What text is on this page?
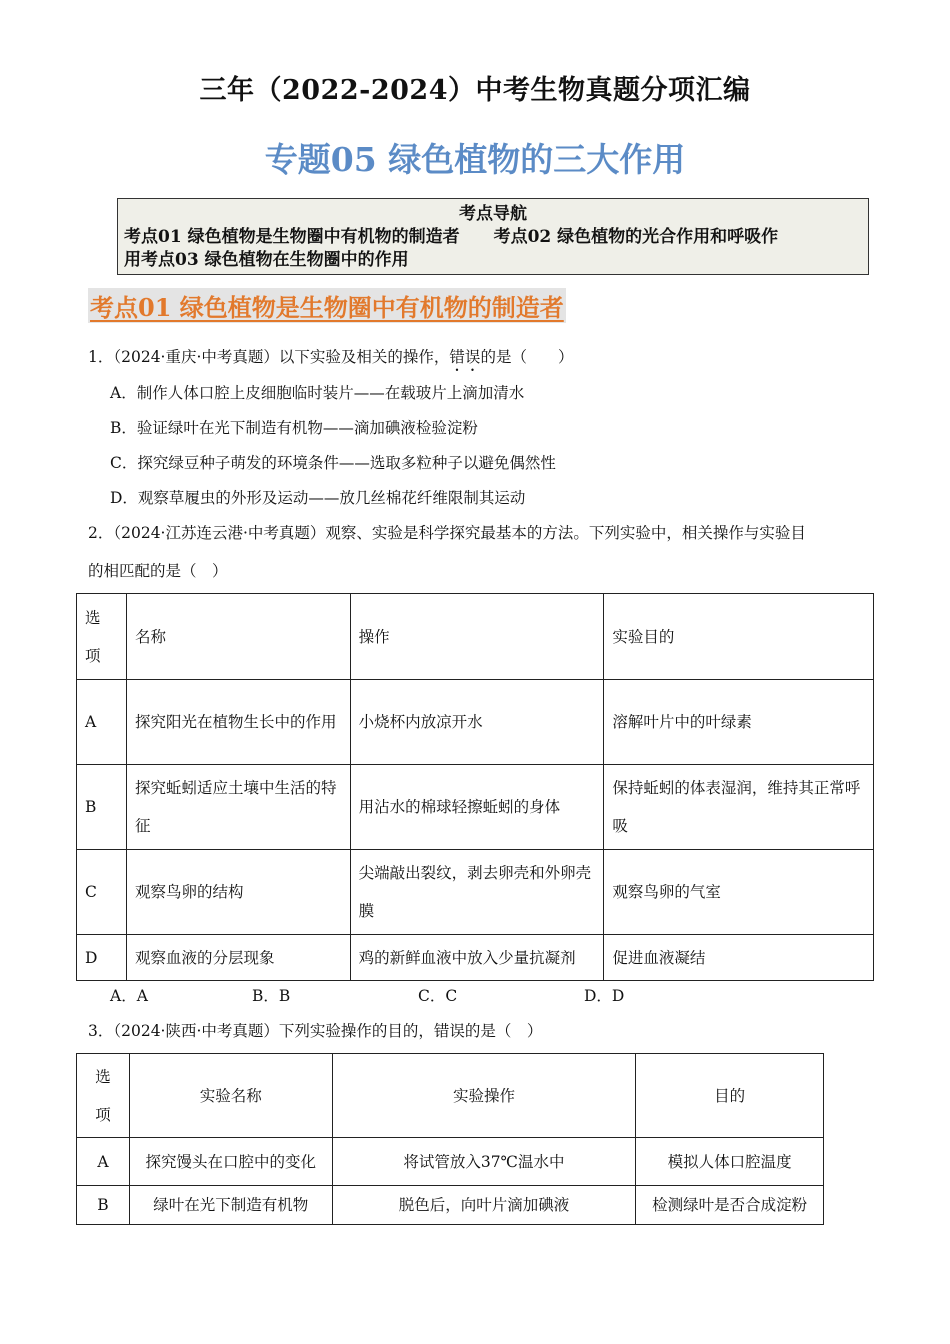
三年（2022-2024）中考生物真题分项汇编
专题05 绿色植物的三大作用
考点导航
考点01 绿色植物是生物圈中有机物的制造者　　考点02 绿色植物的光合作用和呼吸作
用考点03 绿色植物在生物圈中的作用
考点01 绿色植物是生物圈中有机物的制造者
1．（2024·重庆·中考真题）以下实验及相关的操作，错误的是（　　）
A．制作人体口腔上皮细胞临时装片——在载玻片上滴加清水
B．验证绿叶在光下制造有机物——滴加碘液检验淀粉
C．探究绿豆种子萌发的环境条件——选取多粒种子以避免偶然性
D．观察草履虫的外形及运动——放几丝棉花纤维限制其运动
2．（2024·江苏连云港·中考真题）观察、实验是科学探究最基本的方法。下列实验中，相关操作与实验目
的相匹配的是（　）
选项	名称	操作	实验目的
A	探究阳光在植物生长中的作用	小烧杯内放凉开水	溶解叶片中的叶绿素
B	探究蚯蚓适应土壤中生活的特征	用沾水的棉球轻擦蚯蚓的身体	保持蚯蚓的体表湿润，维持其正常呼吸
C	观察鸟卵的结构	尖端敲出裂纹，剥去卵壳和外卵壳膜	观察鸟卵的气室
D	观察血液的分层现象	鸡的新鲜血液中放入少量抗凝剂	促进血液凝结
A．A	B．B	C．C	D．D
3．（2024·陕西·中考真题）下列实验操作的目的，错误的是（　）
选项	实验名称	实验操作	目的
A	探究馒头在口腔中的变化	将试管放入37℃温水中	模拟人体口腔温度
B	绿叶在光下制造有机物	脱色后，向叶片滴加碘液	检测绿叶是否合成淀粉
